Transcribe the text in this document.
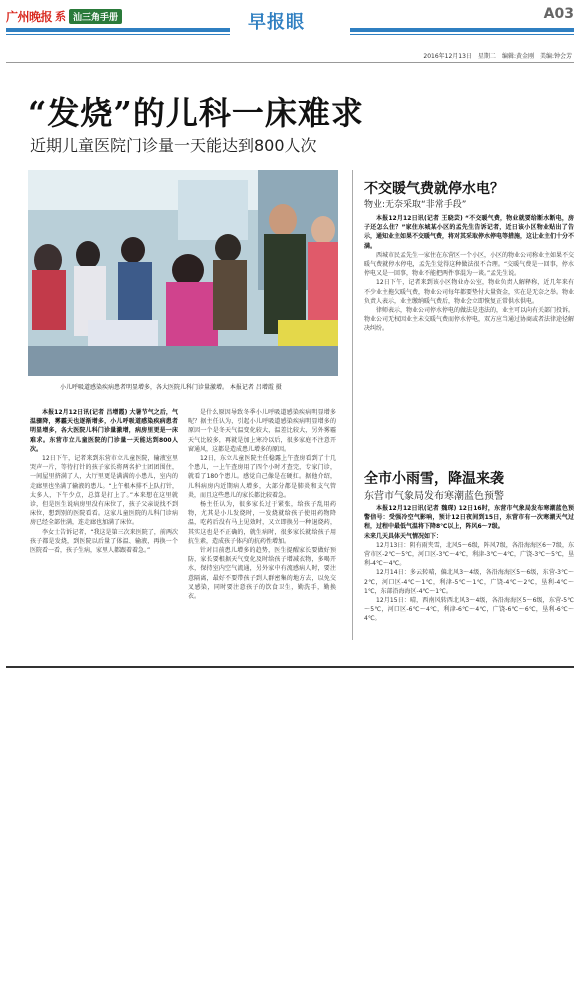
广州晚报 系 汕三角手册	早报眼	A03
2016年12月13日 星期二 编辑:黄金刚 美编:钟会芳
“发烧”的儿科一床难求
近期儿童医院门诊量一天能达到800人次
小儿呼吸道感染疾病患者明显增多，各大医院儿科门诊量激增。 本报记者 吕增霞 摄

本报12月12日讯(记者 吕增霞) 大暑节气之后，气温骤降，雾霾天也逐渐增多，小儿呼吸道感染疾病患者明显增多，各大医院儿科门诊量激增，病房里更是一床难求。东营市立儿童医院的门诊量一天能达到800人次。

12日下午，记者来到东营市立儿童医院，输液室里哭声一片，等待打针的孩子家长将两名护士团团围住，一间屋里挤满了人，大厅里更是满满的小患儿，室内的走廊里也坐满了输液的患儿。“上午根本排不上队打针，太多人，下午少点，总算是打上了。”本来想在这里就诊，但是医生说病房里没有床位了，孩子父亲说找不到床位，想到别的医院看看。这家儿童医院的儿科门诊病房已经全部住满，连走廊也加满了床位。

李女士告诉记者，“我这是第三次来医院了，前两次孩子都是发烧，到医院以后量了体温、输液，再换一个医院看一看，孩子生病，家里人都跟着着急。”

是什么原因导致冬季小儿呼吸道感染疾病明显增多呢？据主任认为，引起小儿呼吸道感染疾病明显增多的原因一个是冬天气温变化较大，温差比较大，另外雾霾天气比较多，再就是加上寒冷以后，很多家庭不注意开窗通风，这都是造成患儿增多的原因。

12日，东立儿童医院主任稳露上午查房看到了十几个患儿，一上午查房用了四个小时才查完，专家门诊，就看了180个患儿。感觉自己像是在硬扛。据他介绍，儿科病房内近期病人增多，大部分都是肺炎和支气管炎，而且这些患儿的家长都比较着急。

杨主任认为，很多家长过于紧张，给孩子乱用药物，尤其是小儿发烧时，一发烧就给孩子使用药物降温，吃药后没有马上见效时，又立即换另一种退烧药，其实这也是不正确的，就生病时，很多家长就给孩子用抗生素，造成孩子体内的抗药性增加。

针对目前患儿增多的趋势，医生提醒家长要做好预防，家长要根据天气变化及时给孩子增减衣物，多喝开水，保持室内空气流通，另外家中有流感病人时，要注意隔离，最好不要带孩子到人群密集的地方去，以免交叉感染，同时要注意孩子的饮食卫生，勤洗手，勤换衣。

不交暖气费就停水电？
物业:无奈采取“非常手段”

本报12月12日讯(记者 王晓芸) “不交暖气费，物业就要给断水断电，房子还怎么住？”家住东城某小区的孟先生告诉记者，近日该小区物业贴出了告示，通知业主如果不交暖气费，将对其采取停水停电等措施，这让业主们十分不满。

西城市民孟先生一家住在东营区一个小区，小区的物业公司称业主如果不交暖气费就停水停电，孟先生觉得这种做法很不合理。“交暖气费是一回事，停水停电又是一回事，物业不能把两件事混为一谈。”孟先生说。

12日下午，记者来到该小区物业办公室，物业负责人解释称，近几年来有不少业主拖欠暖气费，物业公司每年都要垫付大量资金，实在是无奈之举。物业负责人表示，业主缴纳暖气费后，物业会立即恢复正常供水供电。

律师表示，物业公司停水停电的做法是违法的，业主可以向有关部门投诉。物业公司无权因业主未交暖气费而停水停电，双方应当通过协商或者法律途径解决纠纷。

全市小雨雪，降温来袭
东营市气象局发布寒潮蓝色预警

本报12月12日讯(记者 魏琛) 12日16时，东营市气象局发布寒潮蓝色预警信号：受强冷空气影响，预计12日夜间到15日，东营市有一次寒潮天气过程，过程中最低气温将下降8℃以上，阵风6～7级。

未来几天具体天气情况如下：

12月13日：阴有雨夹雪，北风5～6级，阵风7级，各沿海海区6～7级，东营市区-2℃～5℃，河口区-3℃～4℃，利津-3℃～4℃，广饶-3℃～5℃，垦利-4℃～4℃。

12月14日：多云转晴，偏北风3～4级，各沿海海区5～6级，东营-3℃～2℃，河口区-4℃～1℃，利津-5℃～1℃，广饶-4℃～2℃，垦利-4℃～1℃，东部沿海海区-4℃～1℃。

12月15日：晴，西南风转西北风3～4级，各沿海海区5～6级，东营-5℃～5℃，河口区-6℃～4℃，利津-6℃～4℃，广饶-6℃～6℃，垦利-6℃～4℃。
